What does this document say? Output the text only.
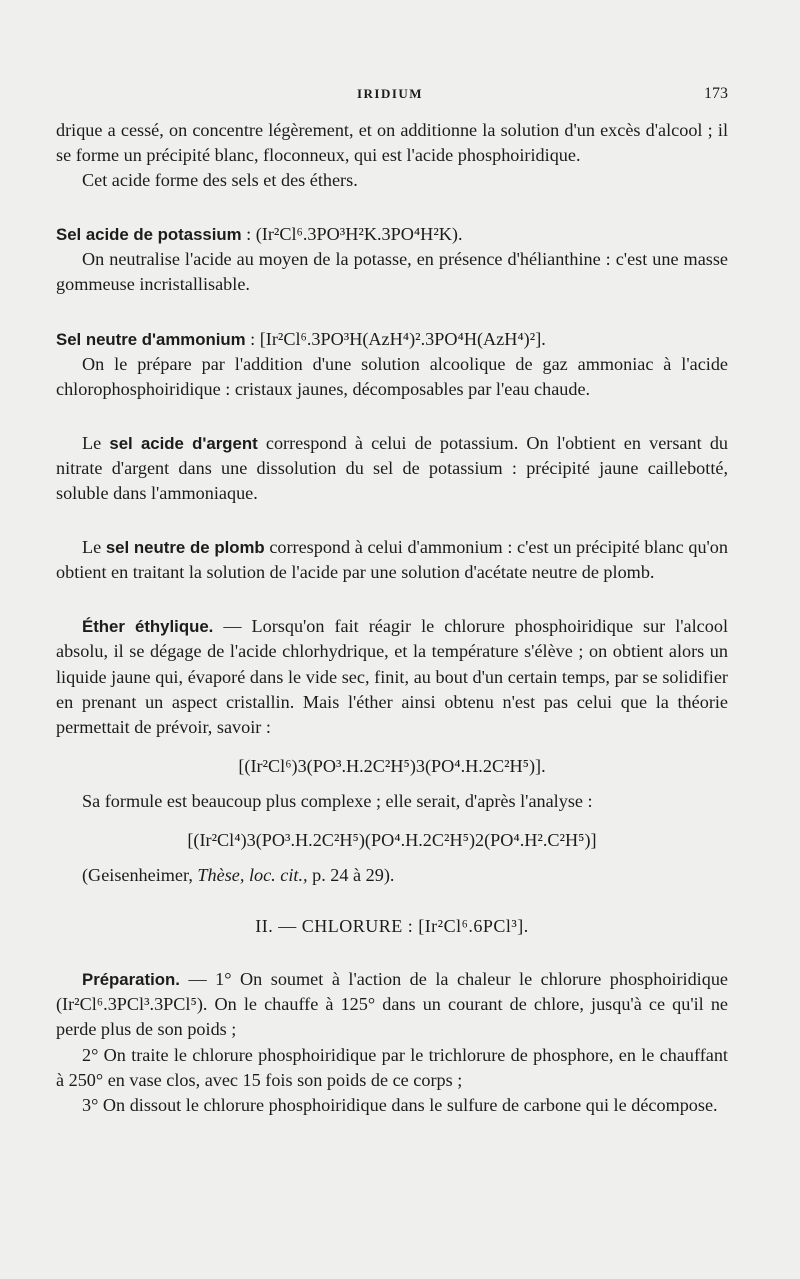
IRIDIUM	173

drique a cessé, on concentre légèrement, et on additionne la solution d'un excès d'alcool ; il se forme un précipité blanc, floconneux, qui est l'acide phosphoiridique.

Cet acide forme des sels et des éthers.

Sel acide de potassium : (Ir²Cl⁶.3PO³H²K.3PO⁴H²K).

On neutralise l'acide au moyen de la potasse, en présence d'hélianthine : c'est une masse gommeuse incristallisable.

Sel neutre d'ammonium : [Ir²Cl⁶.3PO³H(AzH⁴)².3PO⁴H(AzH⁴)²].

On le prépare par l'addition d'une solution alcoolique de gaz ammoniac à l'acide chlorophosphoiridique : cristaux jaunes, décomposables par l'eau chaude.

Le sel acide d'argent correspond à celui de potassium. On l'obtient en versant du nitrate d'argent dans une dissolution du sel de potassium : précipité jaune caillebotté, soluble dans l'ammoniaque.

Le sel neutre de plomb correspond à celui d'ammonium : c'est un précipité blanc qu'on obtient en traitant la solution de l'acide par une solution d'acétate neutre de plomb.

Éther éthylique. — Lorsqu'on fait réagir le chlorure phosphoiridique sur l'alcool absolu, il se dégage de l'acide chlorhydrique, et la température s'élève ; on obtient alors un liquide jaune qui, évaporé dans le vide sec, finit, au bout d'un certain temps, par se solidifier en prenant un aspect cristallin. Mais l'éther ainsi obtenu n'est pas celui que la théorie permettait de prévoir, savoir :

[(Ir²Cl⁶)3(PO³.H.2C²H⁵)3(PO⁴.H.2C²H⁵)].

Sa formule est beaucoup plus complexe ; elle serait, d'après l'analyse :

[(Ir²Cl⁴)3(PO³.H.2C²H⁵)(PO⁴.H.2C²H⁵)2(PO⁴.H².C²H⁵)]

(Geisenheimer, Thèse, loc. cit., p. 24 à 29).

II. — CHLORURE : [Ir²Cl⁶.6PCl³].

Préparation. — 1° On soumet à l'action de la chaleur le chlorure phosphoiridique (Ir²Cl⁶.3PCl³.3PCl⁵). On le chauffe à 125° dans un courant de chlore, jusqu'à ce qu'il ne perde plus de son poids ;

2° On traite le chlorure phosphoiridique par le trichlorure de phosphore, en le chauffant à 250° en vase clos, avec 15 fois son poids de ce corps ;

3° On dissout le chlorure phosphoiridique dans le sulfure de carbone qui le décompose.
